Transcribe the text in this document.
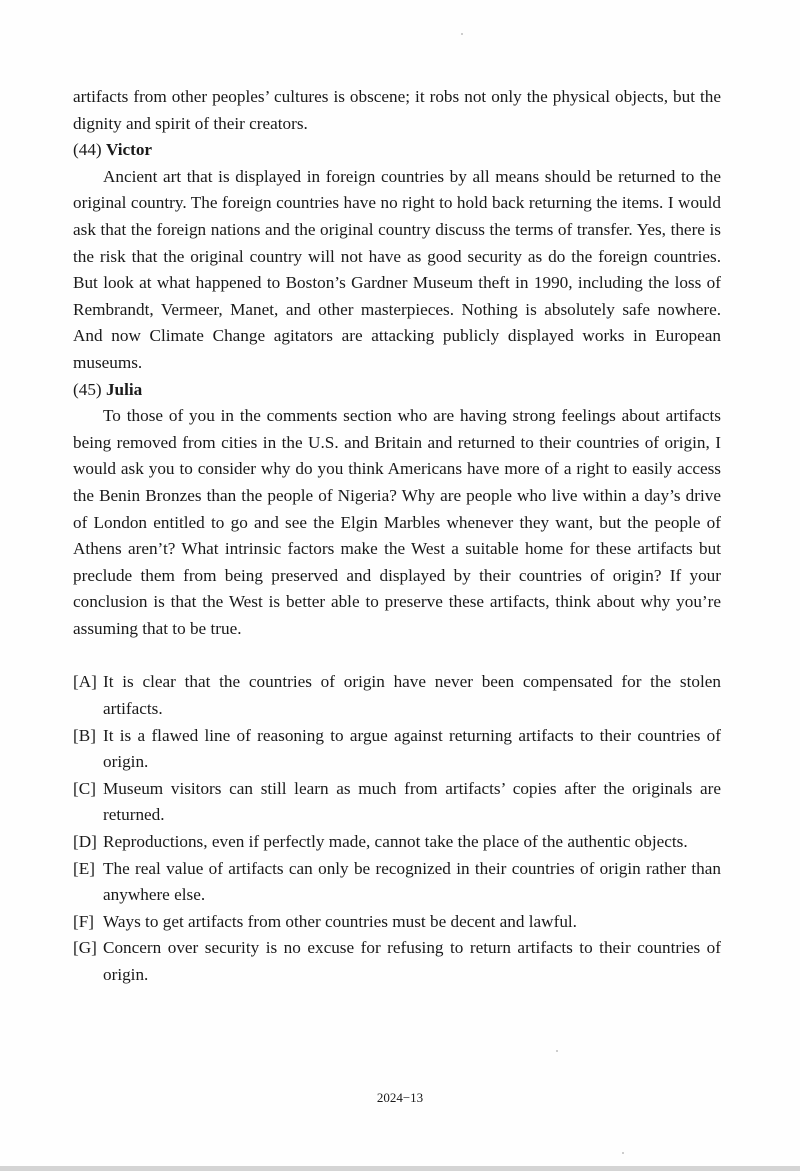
artifacts from other peoples’ cultures is obscene; it robs not only the physical objects, but the dignity and spirit of their creators.

(44) Victor

Ancient art that is displayed in foreign countries by all means should be returned to the original country. The foreign countries have no right to hold back returning the items. I would ask that the foreign nations and the original country discuss the terms of transfer. Yes, there is the risk that the original country will not have as good security as do the foreign countries. But look at what happened to Boston’s Gardner Museum theft in 1990, including the loss of Rembrandt, Vermeer, Manet, and other masterpieces. Nothing is absolutely safe nowhere. And now Climate Change agitators are attacking publicly displayed works in European museums.

(45) Julia

To those of you in the comments section who are having strong feelings about artifacts being removed from cities in the U.S. and Britain and returned to their countries of origin, I would ask you to consider why do you think Americans have more of a right to easily access the Benin Bronzes than the people of Nigeria? Why are people who live within a day’s drive of London entitled to go and see the Elgin Marbles whenever they want, but the people of Athens aren’t? What intrinsic factors make the West a suitable home for these artifacts but preclude them from being preserved and displayed by their countries of origin? If your conclusion is that the West is better able to preserve these artifacts, think about why you’re assuming that to be true.

[A] It is clear that the countries of origin have never been compensated for the stolen artifacts.
[B] It is a flawed line of reasoning to argue against returning artifacts to their countries of origin.
[C] Museum visitors can still learn as much from artifacts’ copies after the originals are returned.
[D] Reproductions, even if perfectly made, cannot take the place of the authentic objects.
[E] The real value of artifacts can only be recognized in their countries of origin rather than anywhere else.
[F] Ways to get artifacts from other countries must be decent and lawful.
[G] Concern over security is no excuse for refusing to return artifacts to their countries of origin.
2024−13
